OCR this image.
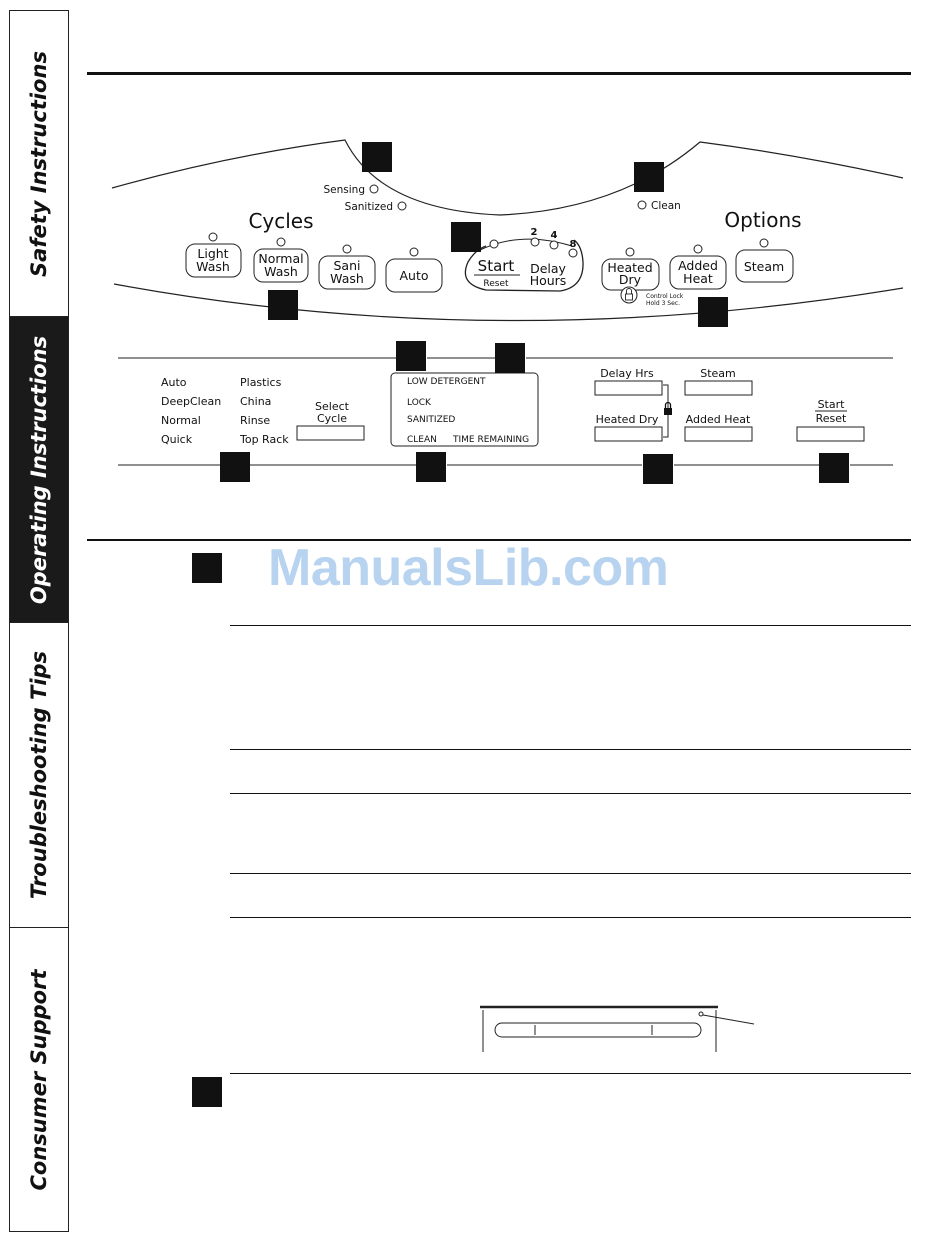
Safety Instructions
Operating Instructions
Troubleshooting Tips
Consumer Support
Sensing
Sanitized	Clean
Cycles	Options
Light
Wash
Normal
Wash	Sani
Wash	Auto
2 4
8
Start
Reset
Delay
Hours
Heated
Dry
Control Lock
Hold 3 Sec.
Added
Heat
Steam
Auto
DeepClean
Normal
Quick
Plastics
China
Rinse
Top Rack
Select
Cycle
LOW DETERGENT
LOCK
SANITIZED
CLEAN TIME REMAINING
Delay Hrs	Steam
Heated Dry Added Heat
Start
Reset
ManualsLib.com
